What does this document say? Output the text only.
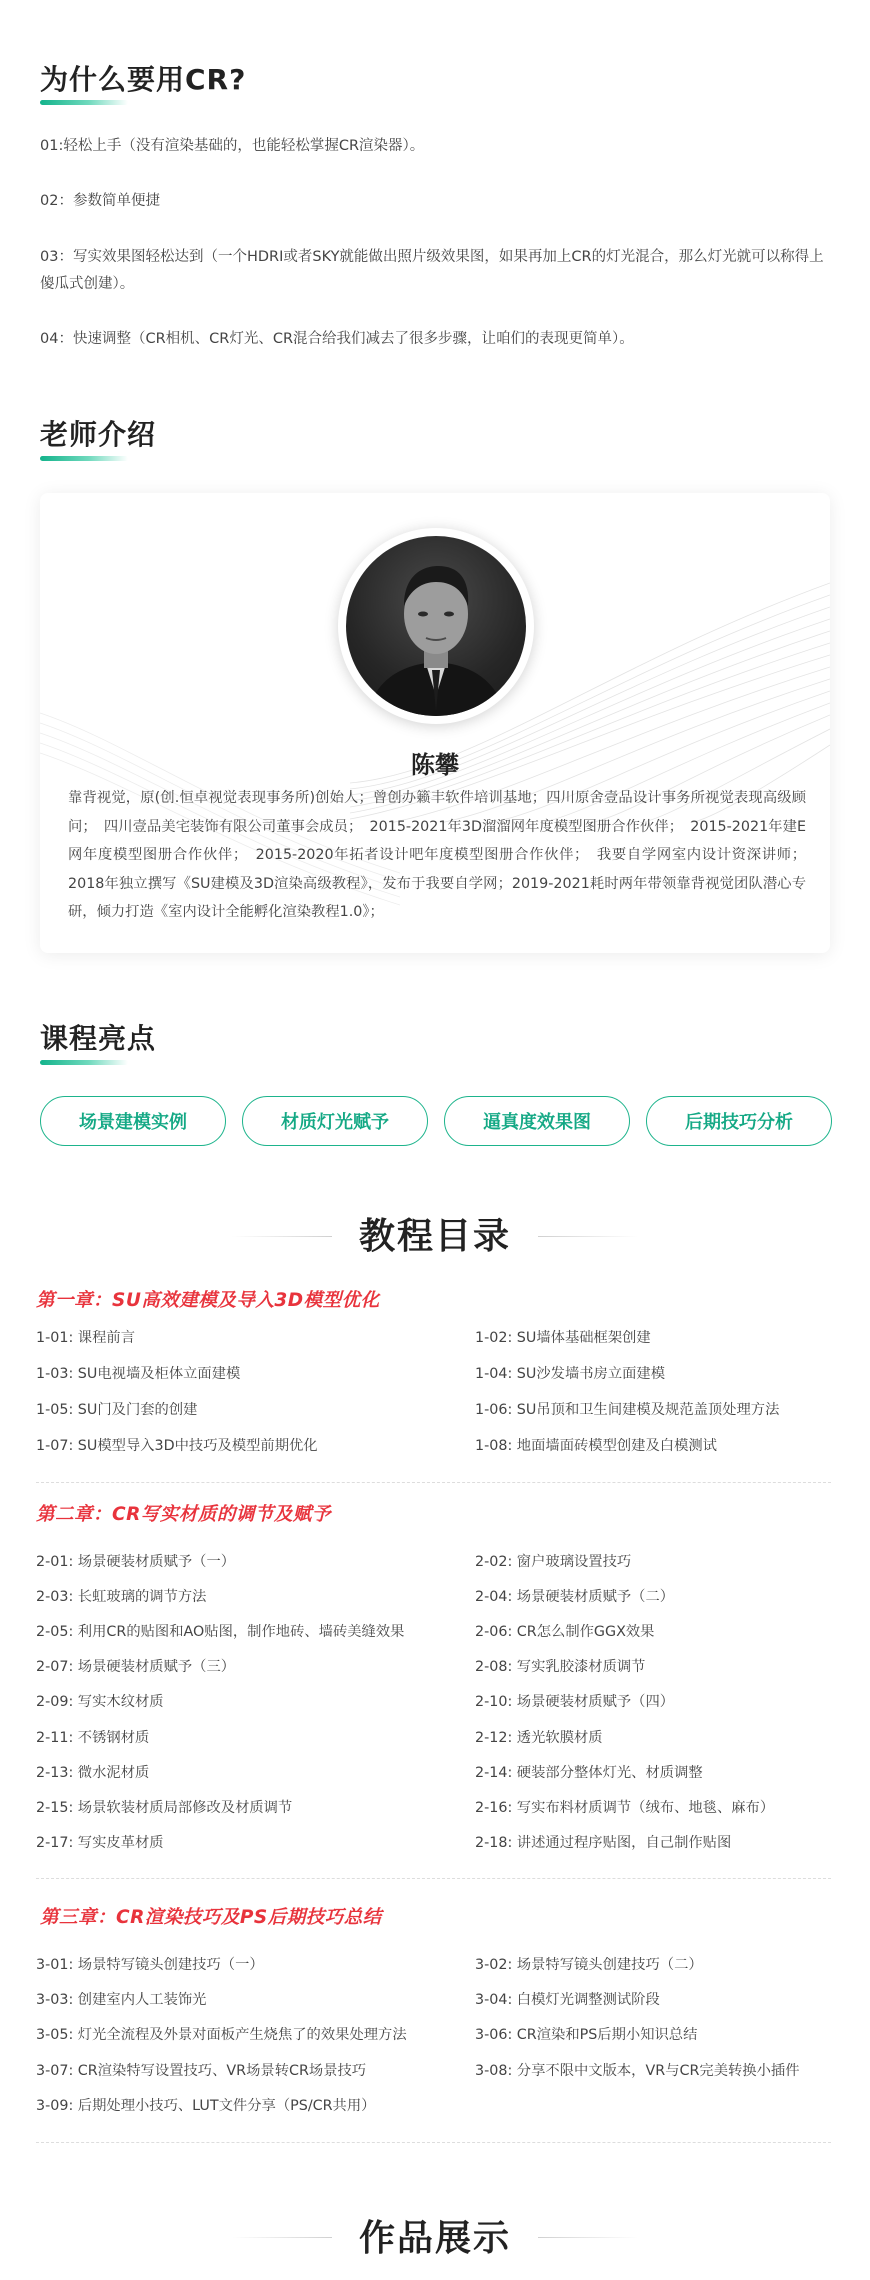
为什么要用CR?
01:轻松上手（没有渲染基础的，也能轻松掌握CR渲染器）。
02：参数简单便捷
03：写实效果图轻松达到（一个HDRI或者SKY就能做出照片级效果图，如果再加上CR的灯光混合，那么灯光就可以称得上傻瓜式创建）。
04：快速调整（CR相机、CR灯光、CR混合给我们减去了很多步骤，让咱们的表现更简单）。
老师介绍
陈攀
靠背视觉，原(创.恒卓视觉表现事务所)创始人；曾创办籁丰软件培训基地；四川原舍壹品设计事务所视觉表现高级顾问；　四川壹品美宅装饰有限公司董事会成员；　2015-2021年3D溜溜网年度模型图册合作伙伴；　2015-2021年建E网年度模型图册合作伙伴；　2015-2020年拓者设计吧年度模型图册合作伙伴；　我要自学网室内设计资深讲师；2018年独立撰写《SU建模及3D渲染高级教程》，发布于我要自学网；2019-2021耗时两年带领靠背视觉团队潜心专研，倾力打造《室内设计全能孵化渲染教程1.0》；
课程亮点
场景建模实例	材质灯光赋予	逼真度效果图	后期技巧分析
教程目录
第一章：SU高效建模及导入3D模型优化
1-01: 课程前言	1-02: SU墙体基础框架创建
1-03: SU电视墙及柜体立面建模	1-04: SU沙发墙书房立面建模
1-05: SU门及门套的创建	1-06: SU吊顶和卫生间建模及规范盖顶处理方法
1-07: SU模型导入3D中技巧及模型前期优化	1-08: 地面墙面砖模型创建及白模测试
第二章：CR写实材质的调节及赋予
2-01: 场景硬装材质赋予（一）	2-02: 窗户玻璃设置技巧
2-03: 长虹玻璃的调节方法	2-04: 场景硬装材质赋予（二）
2-05: 利用CR的贴图和AO贴图，制作地砖、墙砖美缝效果	2-06: CR怎么制作GGX效果
2-07: 场景硬装材质赋予（三）	2-08: 写实乳胶漆材质调节
2-09: 写实木纹材质	2-10: 场景硬装材质赋予（四）
2-11: 不锈钢材质	2-12: 透光软膜材质
2-13: 微水泥材质	2-14: 硬装部分整体灯光、材质调整
2-15: 场景软装材质局部修改及材质调节	2-16: 写实布料材质调节（绒布、地毯、麻布）
2-17: 写实皮革材质	2-18: 讲述通过程序贴图，自己制作贴图
第三章：CR渲染技巧及PS后期技巧总结
3-01: 场景特写镜头创建技巧（一）	3-02: 场景特写镜头创建技巧（二）
3-03: 创建室内人工装饰光	3-04: 白模灯光调整测试阶段
3-05: 灯光全流程及外景对面板产生烧焦了的效果处理方法	3-06: CR渲染和PS后期小知识总结
3-07: CR渲染特写设置技巧、VR场景转CR场景技巧	3-08: 分享不限中文版本，VR与CR完美转换小插件
3-09: 后期处理小技巧、LUT文件分享（PS/CR共用）
作品展示
